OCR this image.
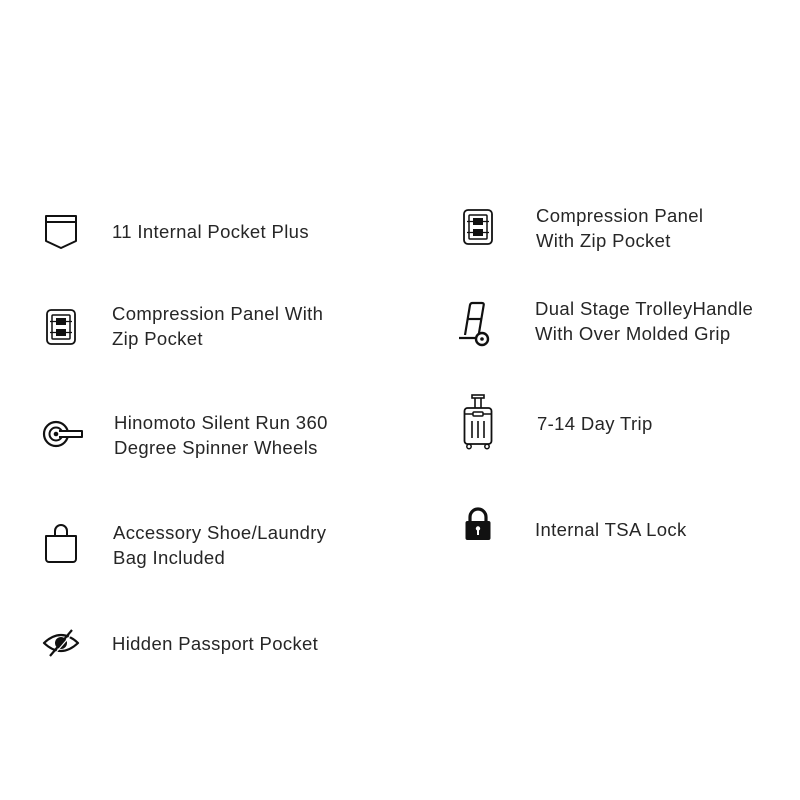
11 Internal Pocket Plus
Compression Panel With
Zip Pocket
Hinomoto Silent Run 360
Degree Spinner Wheels
Accessory Shoe/Laundry
Bag Included
Hidden Passport Pocket
Compression Panel
With Zip Pocket
Dual Stage TrolleyHandle
With Over Molded Grip
7-14 Day Trip
Internal TSA Lock
